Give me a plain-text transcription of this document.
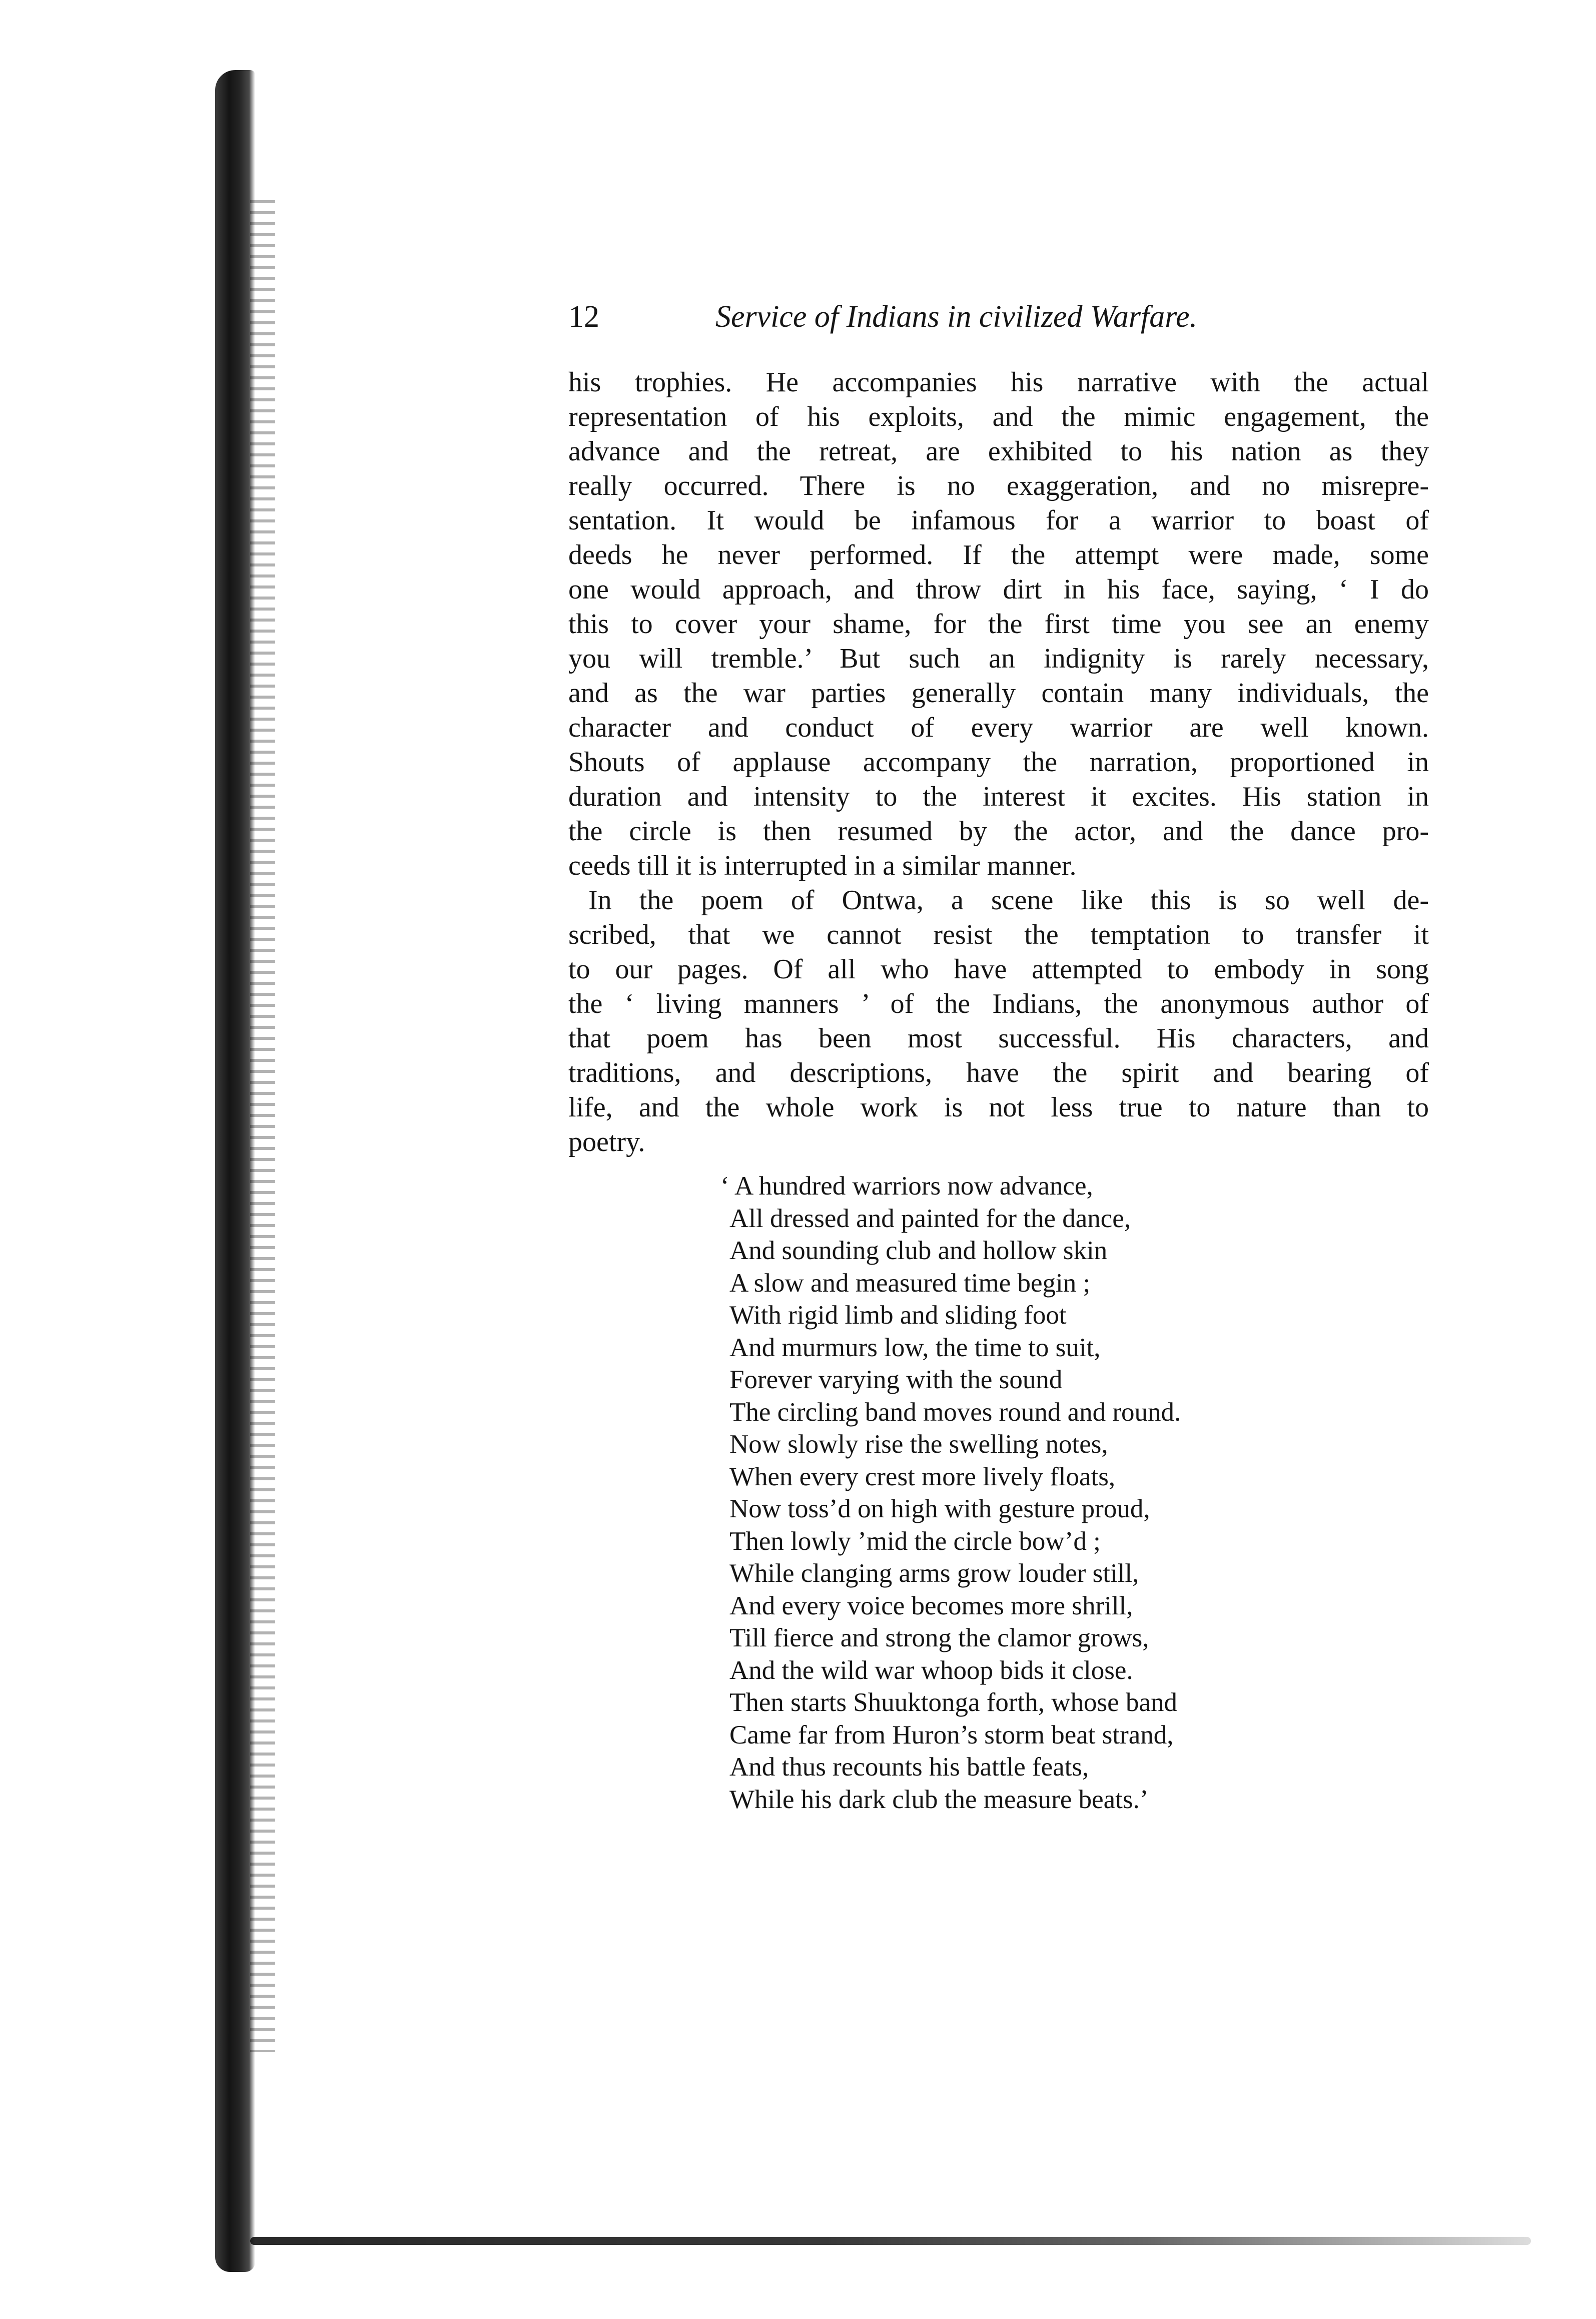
12	Service of Indians in civilized Warfare.
his trophies. He accompanies his narrative with the actual
representation of his exploits, and the mimic engagement, the
advance and the retreat, are exhibited to his nation as they
really occurred. There is no exaggeration, and no misrepre-
sentation. It would be infamous for a warrior to boast of
deeds he never performed. If the attempt were made, some
one would approach, and throw dirt in his face, saying, ‘ I do
this to cover your shame, for the first time you see an enemy
you will tremble.’ But such an indignity is rarely necessary,
and as the war parties generally contain many individuals, the
character and conduct of every warrior are well known.
Shouts of applause accompany the narration, proportioned in
duration and intensity to the interest it excites. His station in
the circle is then resumed by the actor, and the dance pro-
ceeds till it is interrupted in a similar manner.
In the poem of Ontwa, a scene like this is so well de-
scribed, that we cannot resist the temptation to transfer it
to our pages. Of all who have attempted to embody in song
the ‘ living manners ’ of the Indians, the anonymous author of
that poem has been most successful. His characters, and
traditions, and descriptions, have the spirit and bearing of
life, and the whole work is not less true to nature than to
poetry.
‘ A hundred warriors now advance,
All dressed and painted for the dance,
And sounding club and hollow skin
A slow and measured time begin ;
With rigid limb and sliding foot
And murmurs low, the time to suit,
Forever varying with the sound
The circling band moves round and round.
Now slowly rise the swelling notes,
When every crest more lively floats,
Now toss’d on high with gesture proud,
Then lowly ’mid the circle bow’d ;
While clanging arms grow louder still,
And every voice becomes more shrill,
Till fierce and strong the clamor grows,
And the wild war whoop bids it close.
Then starts Shuuktonga forth, whose band
Came far from Huron’s storm beat strand,
And thus recounts his battle feats,
While his dark club the measure beats.’
